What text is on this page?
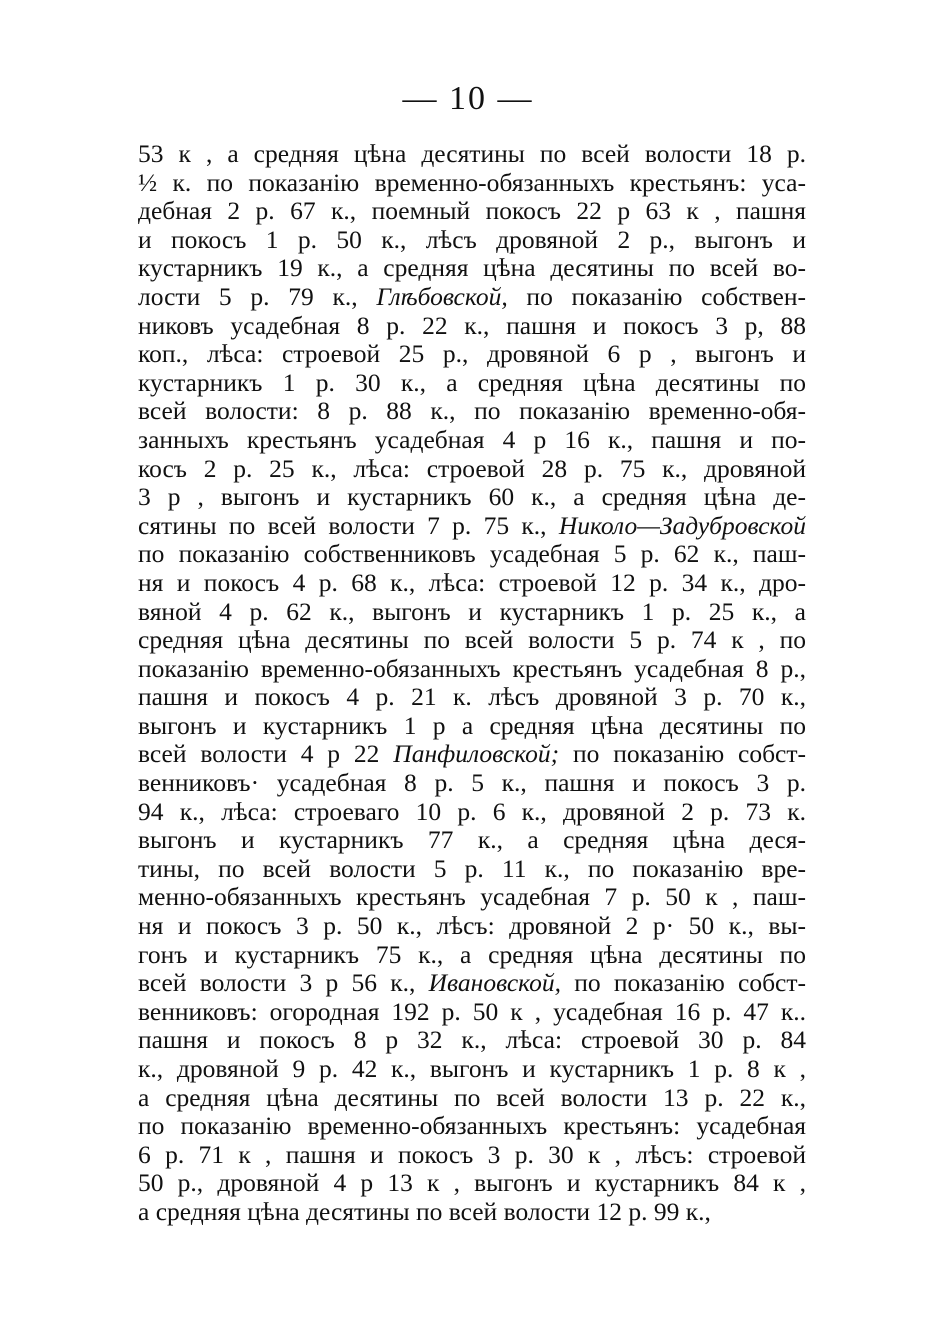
— 10 —
53 к , а средняя цѣна десятины по всей волости 18 р.
½ к. по показанію временно-обязанныхъ крестьянъ: уса-
дебная 2 р. 67 к., поемный покосъ 22 р 63 к , пашня
и покосъ 1 р. 50 к., лѣсъ дровяной 2 р., выгонъ и
кустарникъ 19 к., а средняя цѣна десятины по всей во-
лости 5 р. 79 к., Глѣбовской, по показанію собствен-
никовъ усадебная 8 р. 22 к., пашня и покосъ 3 р, 88
коп., лѣса: строевой 25 р., дровяной 6 р , выгонъ и
кустарникъ 1 р. 30 к., а средняя цѣна десятины по
всей волости: 8 р. 88 к., по показанію временно-обя-
занныхъ крестьянъ усадебная 4 р 16 к., пашня и по-
косъ 2 р. 25 к., лѣса: строевой 28 р. 75 к., дровяной
3 р , выгонъ и кустарникъ 60 к., а средняя цѣна де-
сятины по всей волости 7 р. 75 к., Николо—Задубровской
по показанію собственниковъ усадебная 5 р. 62 к., паш-
ня и покосъ 4 р. 68 к., лѣса: строевой 12 р. 34 к., дро-
вяной 4 р. 62 к., выгонъ и кустарникъ 1 р. 25 к., а
средняя цѣна десятины по всей волости 5 р. 74 к , по
показанію временно-обязанныхъ крестьянъ усадебная 8 р.,
пашня и покосъ 4 р. 21 к. лѣсъ дровяной 3 р. 70 к.,
выгонъ и кустарникъ 1 р а средняя цѣна десятины по
всей волости 4 р 22 Панфиловской; по показанію собст-
венниковъ· усадебная 8 р. 5 к., пашня и покосъ 3 р.
94 к., лѣса: строеваго 10 р. 6 к., дровяной 2 р. 73 к.
выгонъ и кустарникъ 77 к., а средняя цѣна деся-
тины, по всей волости 5 р. 11 к., по показанію вре-
менно-обязанныхъ крестьянъ усадебная 7 р. 50 к , паш-
ня и покосъ 3 р. 50 к., лѣсъ: дровяной 2 р· 50 к., вы-
гонъ и кустарникъ 75 к., а средняя цѣна десятины по
всей волости 3 р 56 к., Ивановской, по показанію собст-
венниковъ: огородная 192 р. 50 к , усадебная 16 р. 47 к..
пашня и покосъ 8 р 32 к., лѣса: строевой 30 р. 84
к., дровяной 9 р. 42 к., выгонъ и кустарникъ 1 р. 8 к ,
а средняя цѣна десятины по всей волости 13 р. 22 к.,
по показанію временно-обязанныхъ крестьянъ: усадебная
6 р. 71 к , пашня и покосъ 3 р. 30 к , лѣсъ: строевой
50 р., дровяной 4 р 13 к , выгонъ и кустарникъ 84 к ,
а средняя цѣна десятины по всей волости 12 р. 99 к.,
